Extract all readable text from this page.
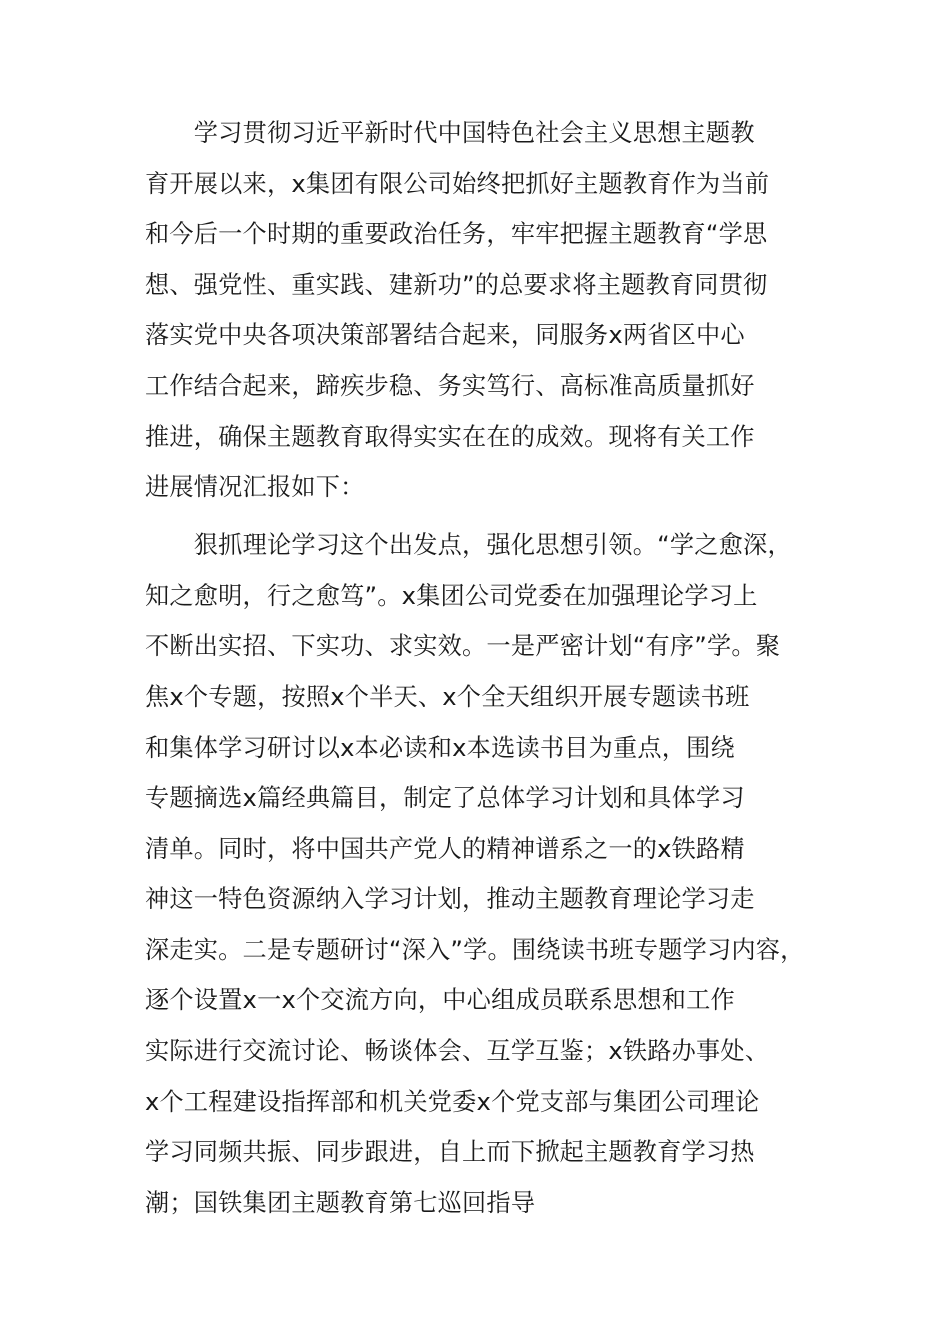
学习贯彻习近平新时代中国特色社会主义思想主题教
育开展以来，x集团有限公司始终把抓好主题教育作为当前
和今后一个时期的重要政治任务，牢牢把握主题教育“学思
想、强党性、重实践、建新功”的总要求将主题教育同贯彻
落实党中央各项决策部署结合起来，同服务x两省区中心
工作结合起来，蹄疾步稳、务实笃行、高标准高质量抓好
推进，确保主题教育取得实实在在的成效。现将有关工作
进展情况汇报如下：

狠抓理论学习这个出发点，强化思想引领。“学之愈深，
知之愈明，行之愈笃”。x集团公司党委在加强理论学习上
不断出实招、下实功、求实效。一是严密计划“有序”学。聚
焦x个专题，按照x个半天、x个全天组织开展专题读书班
和集体学习研讨以x本必读和x本选读书目为重点，围绕
专题摘选x篇经典篇目，制定了总体学习计划和具体学习
清单。同时，将中国共产党人的精神谱系之一的x铁路精
神这一特色资源纳入学习计划，推动主题教育理论学习走
深走实。二是专题研讨“深入”学。围绕读书班专题学习内容，
逐个设置x一x个交流方向，中心组成员联系思想和工作
实际进行交流讨论、畅谈体会、互学互鉴；x铁路办事处、
x个工程建设指挥部和机关党委x个党支部与集团公司理论
学习同频共振、同步跟进，自上而下掀起主题教育学习热
潮；国铁集团主题教育第七巡回指导
